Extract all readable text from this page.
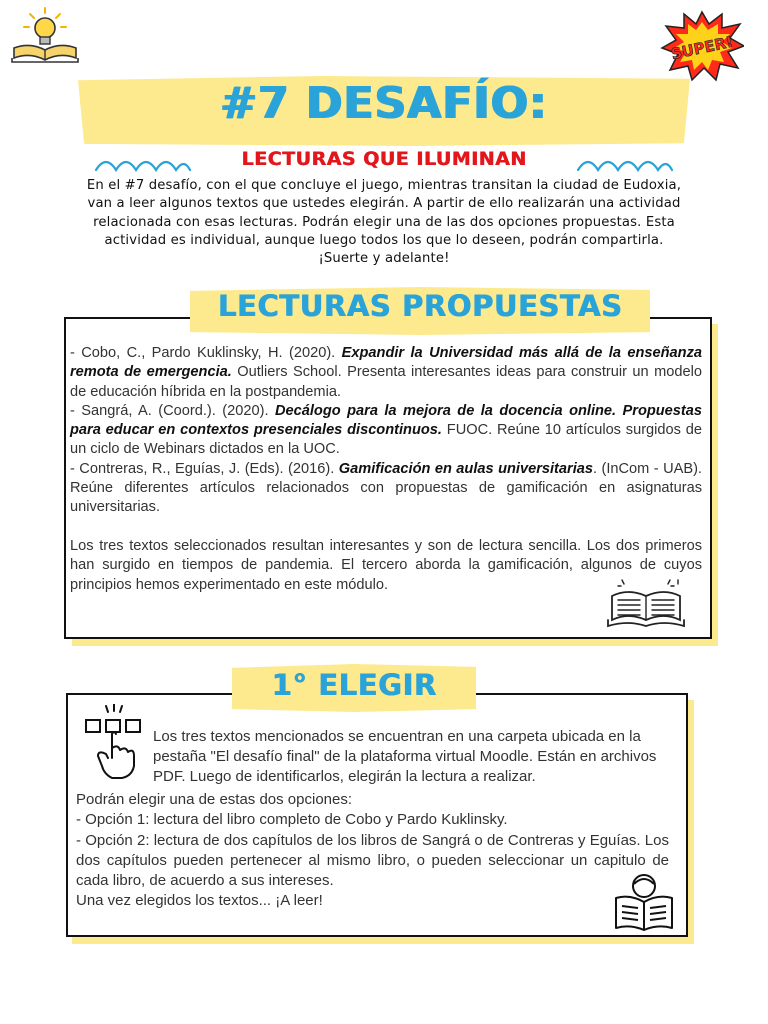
SUPER!
#7 DESAFÍO:
LECTURAS QUE ILUMINAN

En el #7 desafío, con el que concluye el juego, mientras transitan la ciudad de Eudoxia, van a leer algunos textos que ustedes elegirán. A partir de ello realizarán una actividad relacionada con esas lecturas. Podrán elegir una de las dos opciones propuestas. Esta actividad es individual, aunque luego todos los que lo deseen, podrán compartirla. ¡Suerte y adelante!

LECTURAS PROPUESTAS

- Cobo, C., Pardo Kuklinsky, H. (2020). Expandir la Universidad más allá de la enseñanza remota de emergencia. Outliers School. Presenta interesantes ideas para construir un modelo de educación híbrida en la postpandemia.

- Sangrá, A. (Coord.). (2020). Decálogo para la mejora de la docencia online. Propuestas para educar en contextos presenciales discontinuos. FUOC. Reúne 10 artículos surgidos de un ciclo de Webinars dictados en la UOC.

- Contreras, R., Eguías, J. (Eds). (2016). Gamificación en aulas universitarias. (InCom - UAB). Reúne diferentes artículos relacionados con propuestas de gamificación en asignaturas universitarias.

Los tres textos seleccionados resultan interesantes y son de lectura sencilla. Los dos primeros han surgido en tiempos de pandemia. El tercero aborda la gamificación, algunos de cuyos principios hemos experimentado en este módulo.

1° ELEGIR

Los tres textos mencionados se encuentran en una carpeta ubicada en la pestaña "El desafío final" de la plataforma virtual Moodle. Están en archivos PDF. Luego de identificarlos, elegirán la lectura a realizar.

Podrán elegir una de estas dos opciones:

- Opción 1: lectura del libro completo de Cobo y Pardo Kuklinsky.

- Opción 2: lectura de dos capítulos de los libros de Sangrá o de Contreras y Eguías. Los dos capítulos pueden pertenecer al mismo libro, o pueden seleccionar un capitulo de cada libro, de acuerdo a sus intereses.

Una vez elegidos los textos... ¡A leer!
